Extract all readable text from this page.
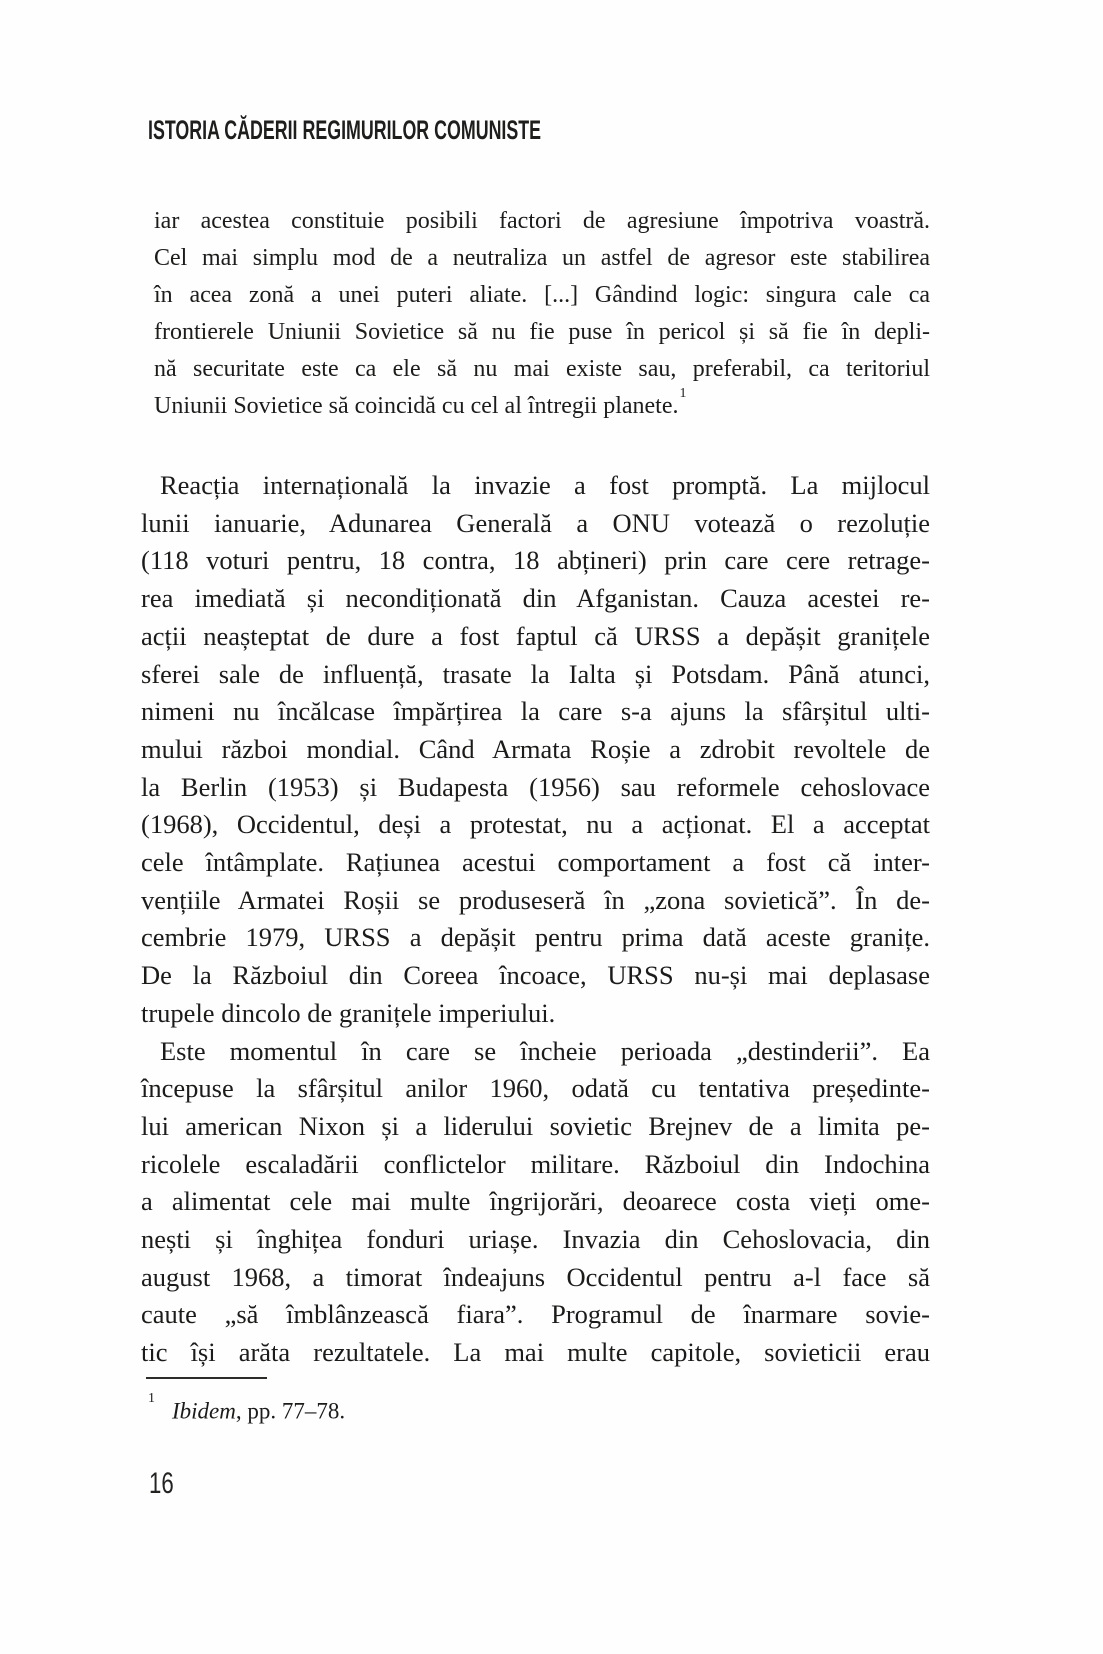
ISTORIA CĂDERII REGIMURILOR COMUNISTE
iar acestea constituie posibili factori de agresiune împotriva voastră.
Cel mai simplu mod de a neutraliza un astfel de agresor este stabilirea
în acea zonă a unei puteri aliate. [...] Gândind logic: singura cale ca
frontierele Uniunii Sovietice să nu fie puse în pericol și să fie în depli-
nă securitate este ca ele să nu mai existe sau, preferabil, ca teritoriul
Uniunii Sovietice să coincidă cu cel al întregii planete.$^1$
Reacția internațională la invazie a fost promptă. La mijlocul
lunii ianuarie, Adunarea Generală a ONU votează o rezoluție
(118 voturi pentru, 18 contra, 18 abțineri) prin care cere retrage-
rea imediată și necondiționată din Afganistan. Cauza acestei re-
acții neașteptat de dure a fost faptul că URSS a depășit granițele
sferei sale de influență, trasate la Ialta și Potsdam. Până atunci,
nimeni nu încălcase împărțirea la care s-a ajuns la sfârșitul ulti-
mului război mondial. Când Armata Roșie a zdrobit revoltele de
la Berlin (1953) și Budapesta (1956) sau reformele cehoslovace
(1968), Occidentul, deși a protestat, nu a acționat. El a acceptat
cele întâmplate. Rațiunea acestui comportament a fost că inter-
vențiile Armatei Roșii se produseseră în „zona sovietică”. În de-
cembrie 1979, URSS a depășit pentru prima dată aceste granițe.
De la Războiul din Coreea încoace, URSS nu-și mai deplasase
trupele dincolo de granițele imperiului.
Este momentul în care se încheie perioada „destinderii”. Ea
începuse la sfârșitul anilor 1960, odată cu tentativa președinte-
lui american Nixon și a liderului sovietic Brejnev de a limita pe-
ricolele escaladării conflictelor militare. Războiul din Indochina
a alimentat cele mai multe îngrijorări, deoarece costa vieți ome-
nești și înghițea fonduri uriașe. Invazia din Cehoslovacia, din
august 1968, a timorat îndeajuns Occidentul pentru a-l face să
caute „să îmblânzească fiara”. Programul de înarmare sovie-
tic își arăta rezultatele. La mai multe capitole, sovieticii erau
$^1$Ibidem, pp. 77–78.
16
